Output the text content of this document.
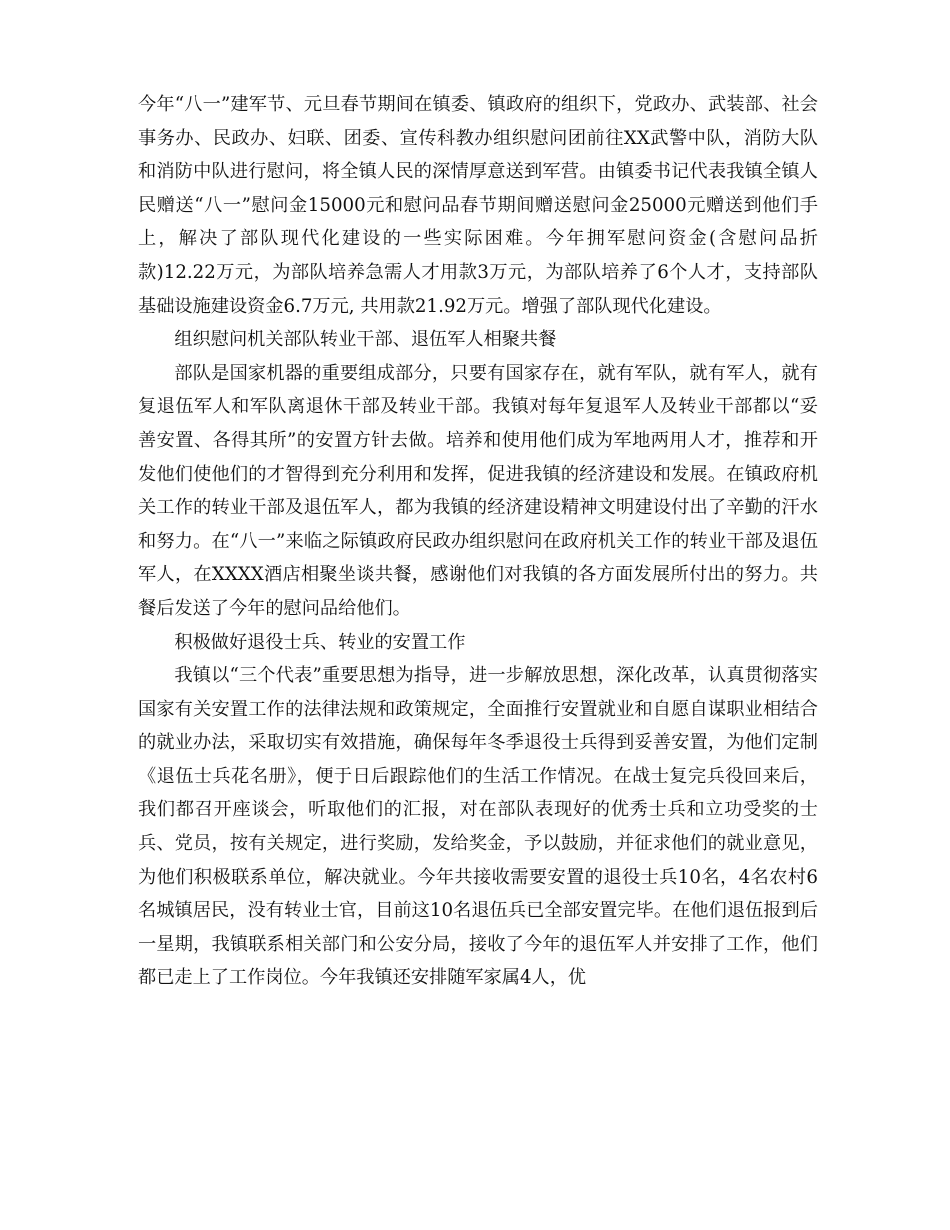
今年“八一”建军节、元旦春节期间在镇委、镇政府的组织下，党政办、武装部、社会事务办、民政办、妇联、团委、宣传科教办组织慰问团前往XX武警中队，消防大队和消防中队进行慰问，将全镇人民的深情厚意送到军营。由镇委书记代表我镇全镇人民赠送“八一”慰问金15000元和慰问品春节期间赠送慰问金25000元赠送到他们手上，解决了部队现代化建设的一些实际困难。今年拥军慰问资金(含慰问品折款)12.22万元，为部队培养急需人才用款3万元，为部队培养了6个人才，支持部队基础设施建设资金6.7万元, 共用款21.92万元。增强了部队现代化建设。

组织慰问机关部队转业干部、退伍军人相聚共餐

部队是国家机器的重要组成部分，只要有国家存在，就有军队，就有军人，就有复退伍军人和军队离退休干部及转业干部。我镇对每年复退军人及转业干部都以“妥善安置、各得其所”的安置方针去做。培养和使用他们成为军地两用人才，推荐和开发他们使他们的才智得到充分利用和发挥，促进我镇的经济建设和发展。在镇政府机关工作的转业干部及退伍军人，都为我镇的经济建设精神文明建设付出了辛勤的汗水和努力。在“八一”来临之际镇政府民政办组织慰问在政府机关工作的转业干部及退伍军人，在XXXX酒店相聚坐谈共餐，感谢他们对我镇的各方面发展所付出的努力。共餐后发送了今年的慰问品给他们。

积极做好退役士兵、转业的安置工作

我镇以“三个代表”重要思想为指导，进一步解放思想，深化改革，认真贯彻落实国家有关安置工作的法律法规和政策规定，全面推行安置就业和自愿自谋职业相结合的就业办法，采取切实有效措施，确保每年冬季退役士兵得到妥善安置，为他们定制《退伍士兵花名册》，便于日后跟踪他们的生活工作情况。在战士复完兵役回来后，我们都召开座谈会，听取他们的汇报，对在部队表现好的优秀士兵和立功受奖的士兵、党员，按有关规定，进行奖励，发给奖金，予以鼓励，并征求他们的就业意见，为他们积极联系单位，解决就业。今年共接收需要安置的退役士兵10名，4名农村6名城镇居民，没有转业士官，目前这10名退伍兵已全部安置完毕。在他们退伍报到后一星期，我镇联系相关部门和公安分局，接收了今年的退伍军人并安排了工作，他们都已走上了工作岗位。今年我镇还安排随军家属4人，优
